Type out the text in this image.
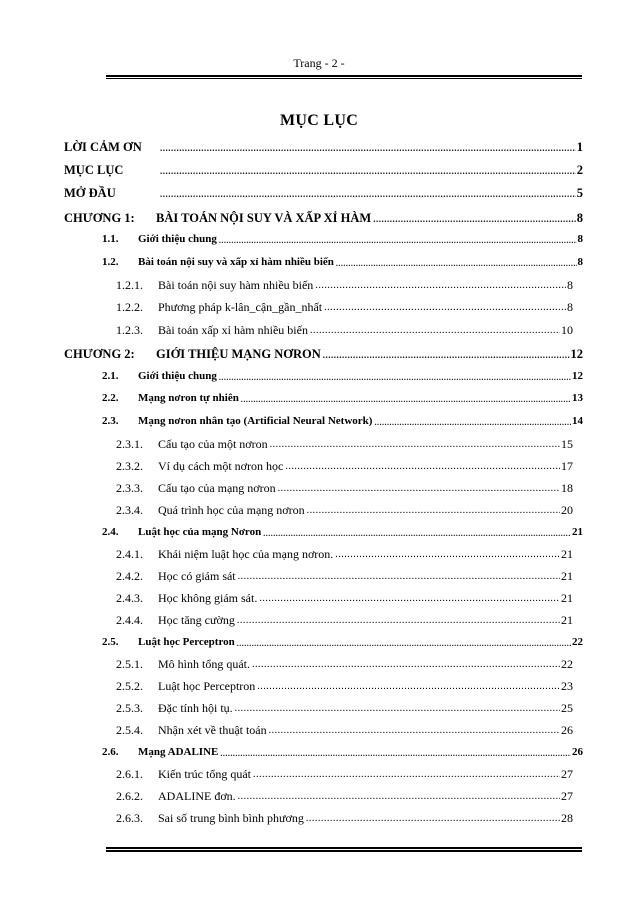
Trang - 2 -
MỤC LỤC
LỜI CẢM ƠN	1
.....
MỤC LỤC	2
.....
MỞ ĐẦU	5
.....
CHƯƠNG 1: BÀI TOÁN NỘI SUY VÀ XẤP XỈ HÀM	8
.....
1.1. Giới thiệu chung	8
.....
1.2. Bài toán nội suy và xấp xỉ hàm nhiều biến	8
.....
1.2.1. Bài toán nội suy hàm nhiều biến	8
.....
1.2.2. Phương pháp k-lân_cận_gần_nhất	8
.....
1.2.3. Bài toán xấp xỉ hàm nhiều biến	10
.....
CHƯƠNG 2: GIỚI THIỆU MẠNG NƠRON	12
.....
2.1. Giới thiệu chung	12
.....
2.2. Mạng nơron tự nhiên	13
.....
2.3. Mạng nơron nhân tạo (Artificial Neural Network)	14
.....
2.3.1. Cấu tạo của một nơron	15
.....
2.3.2. Ví dụ cách một nơron học	17
.....
2.3.3. Cấu tạo của mạng nơron	18
.....
2.3.4. Quá trình học của mạng nơron	20
.....
2.4. Luật học của mạng Nơron	21
.....
2.4.1. Khái niệm luật học của mạng nơron.	21
.....
2.4.2. Học có giám sát	21
.....
2.4.3. Học không giám sát.	21
.....
2.4.4. Học tăng cường	21
.....
2.5. Luật học Perceptron	22
.....
2.5.1. Mô hình tổng quát.	22
.....
2.5.2. Luật học Perceptron	23
.....
2.5.3. Đặc tính hội tụ.	25
.....
2.5.4. Nhận xét về thuật toán	26
.....
2.6. Mạng ADALINE	26
.....
2.6.1. Kiến trúc tổng quát	27
.....
2.6.2. ADALINE đơn.	27
.....
2.6.3. Sai số trung bình bình phương	28
.....
